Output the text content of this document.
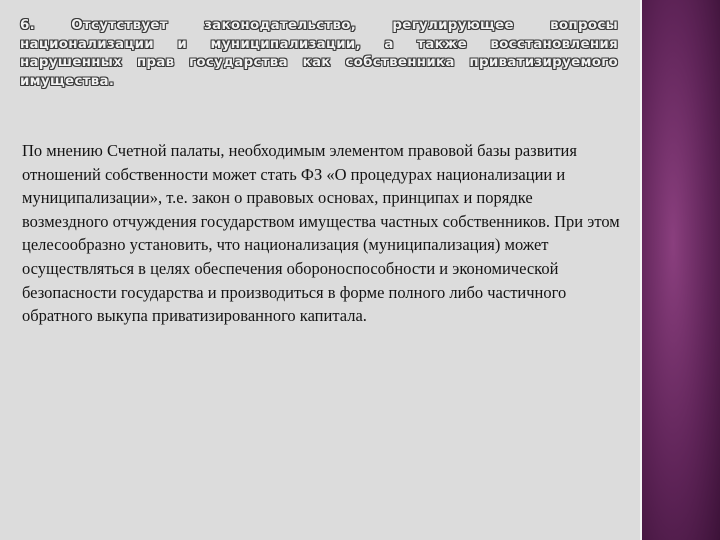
6. Отсутствует законодательство, регулирующее вопросы национализации и муниципализации, а также восстановления нарушенных прав государства как собственника приватизируемого имущества.

По мнению Счетной палаты, необходимым элементом правовой базы развития отношений собственности может стать ФЗ «О процедурах национализации и муниципализации», т.е. закон о правовых основах, принципах и порядке возмездного отчуждения государством имущества частных собственников. При этом целесообразно установить, что национализация (муниципализация) может осуществляться в целях обеспечения обороноспособности и экономической безопасности государства и производиться в форме полного либо частичного обратного выкупа приватизированного капитала.
